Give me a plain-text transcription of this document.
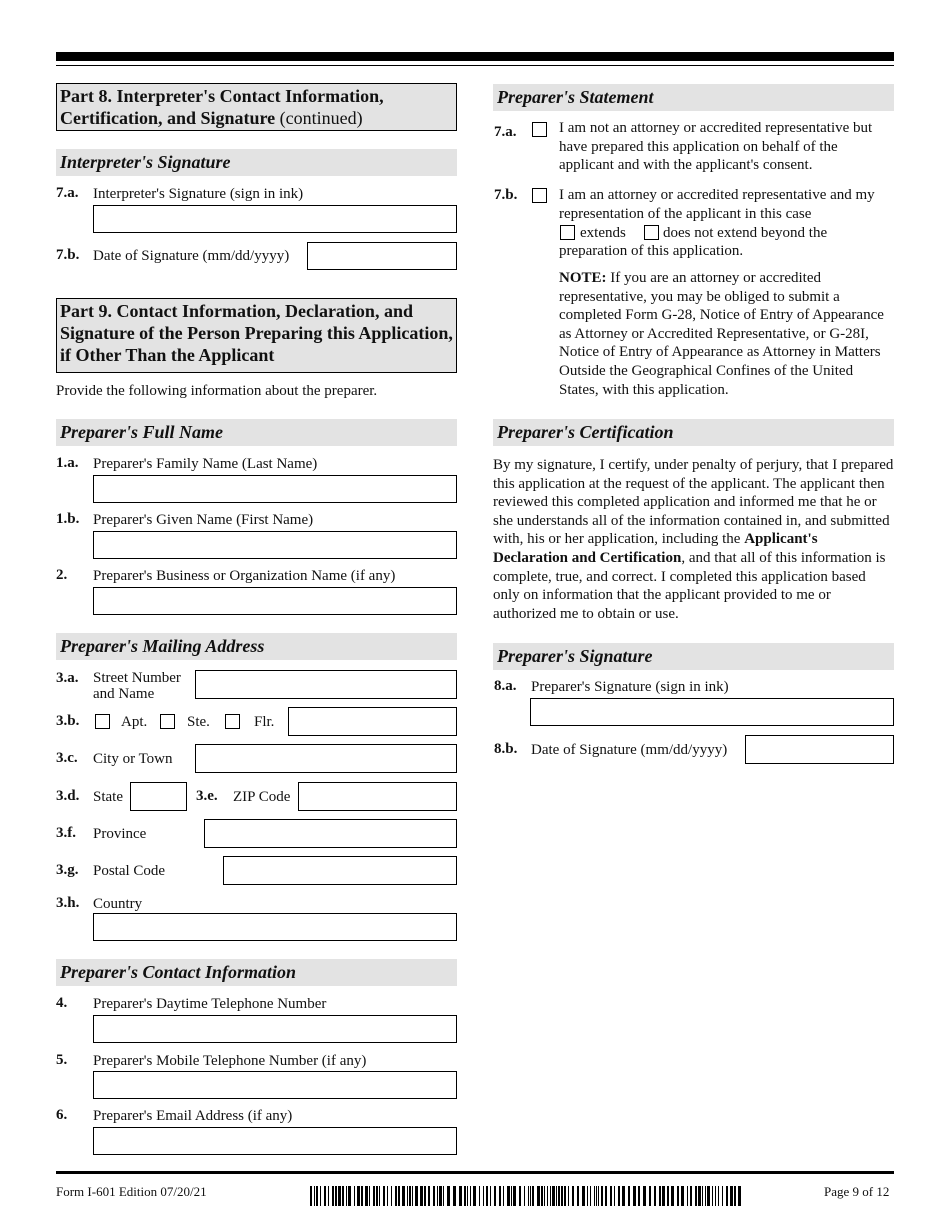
Part 8. Interpreter's Contact Information, Certification, and Signature (continued)
Interpreter's Signature
7.a. Interpreter's Signature (sign in ink)
7.b. Date of Signature (mm/dd/yyyy)
Part 9. Contact Information, Declaration, and Signature of the Person Preparing this Application, if Other Than the Applicant
Provide the following information about the preparer.
Preparer's Full Name
1.a. Preparer's Family Name (Last Name)
1.b. Preparer's Given Name (First Name)
2. Preparer's Business or Organization Name (if any)
Preparer's Mailing Address
3.a. Street Number
and Name
3.b.	Apt.	Ste.	Flr.
3.c. City or Town
3.d. State	3.e. ZIP Code
3.f. Province
3.g. Postal Code
3.h. Country
Preparer's Contact Information
4. Preparer's Daytime Telephone Number
5. Preparer's Mobile Telephone Number (if any)
6. Preparer's Email Address (if any)
Preparer's Statement
7.a.	I am not an attorney or accredited representative but have prepared this application on behalf of the applicant and with the applicant's consent.
7.b.	I am an attorney or accredited representative and my representation of the applicant in this case
extends does not extend beyond the
preparation of this application.
NOTE: If you are an attorney or accredited representative, you may be obliged to submit a completed Form G-28, Notice of Entry of Appearance as Attorney or Accredited Representative, or G-28I, Notice of Entry of Appearance as Attorney in Matters Outside the Geographical Confines of the United States, with this application.
Preparer's Certification
By my signature, I certify, under penalty of perjury, that I prepared this application at the request of the applicant. The applicant then reviewed this completed application and informed me that he or she understands all of the information contained in, and submitted with, his or her application, including the Applicant's Declaration and Certification, and that all of this information is complete, true, and correct. I completed this application based only on information that the applicant provided to me or authorized me to obtain or use.
Preparer's Signature
8.a. Preparer's Signature (sign in ink)
8.b. Date of Signature (mm/dd/yyyy)
Form I-601 Edition 07/20/21	Page 9 of 12
